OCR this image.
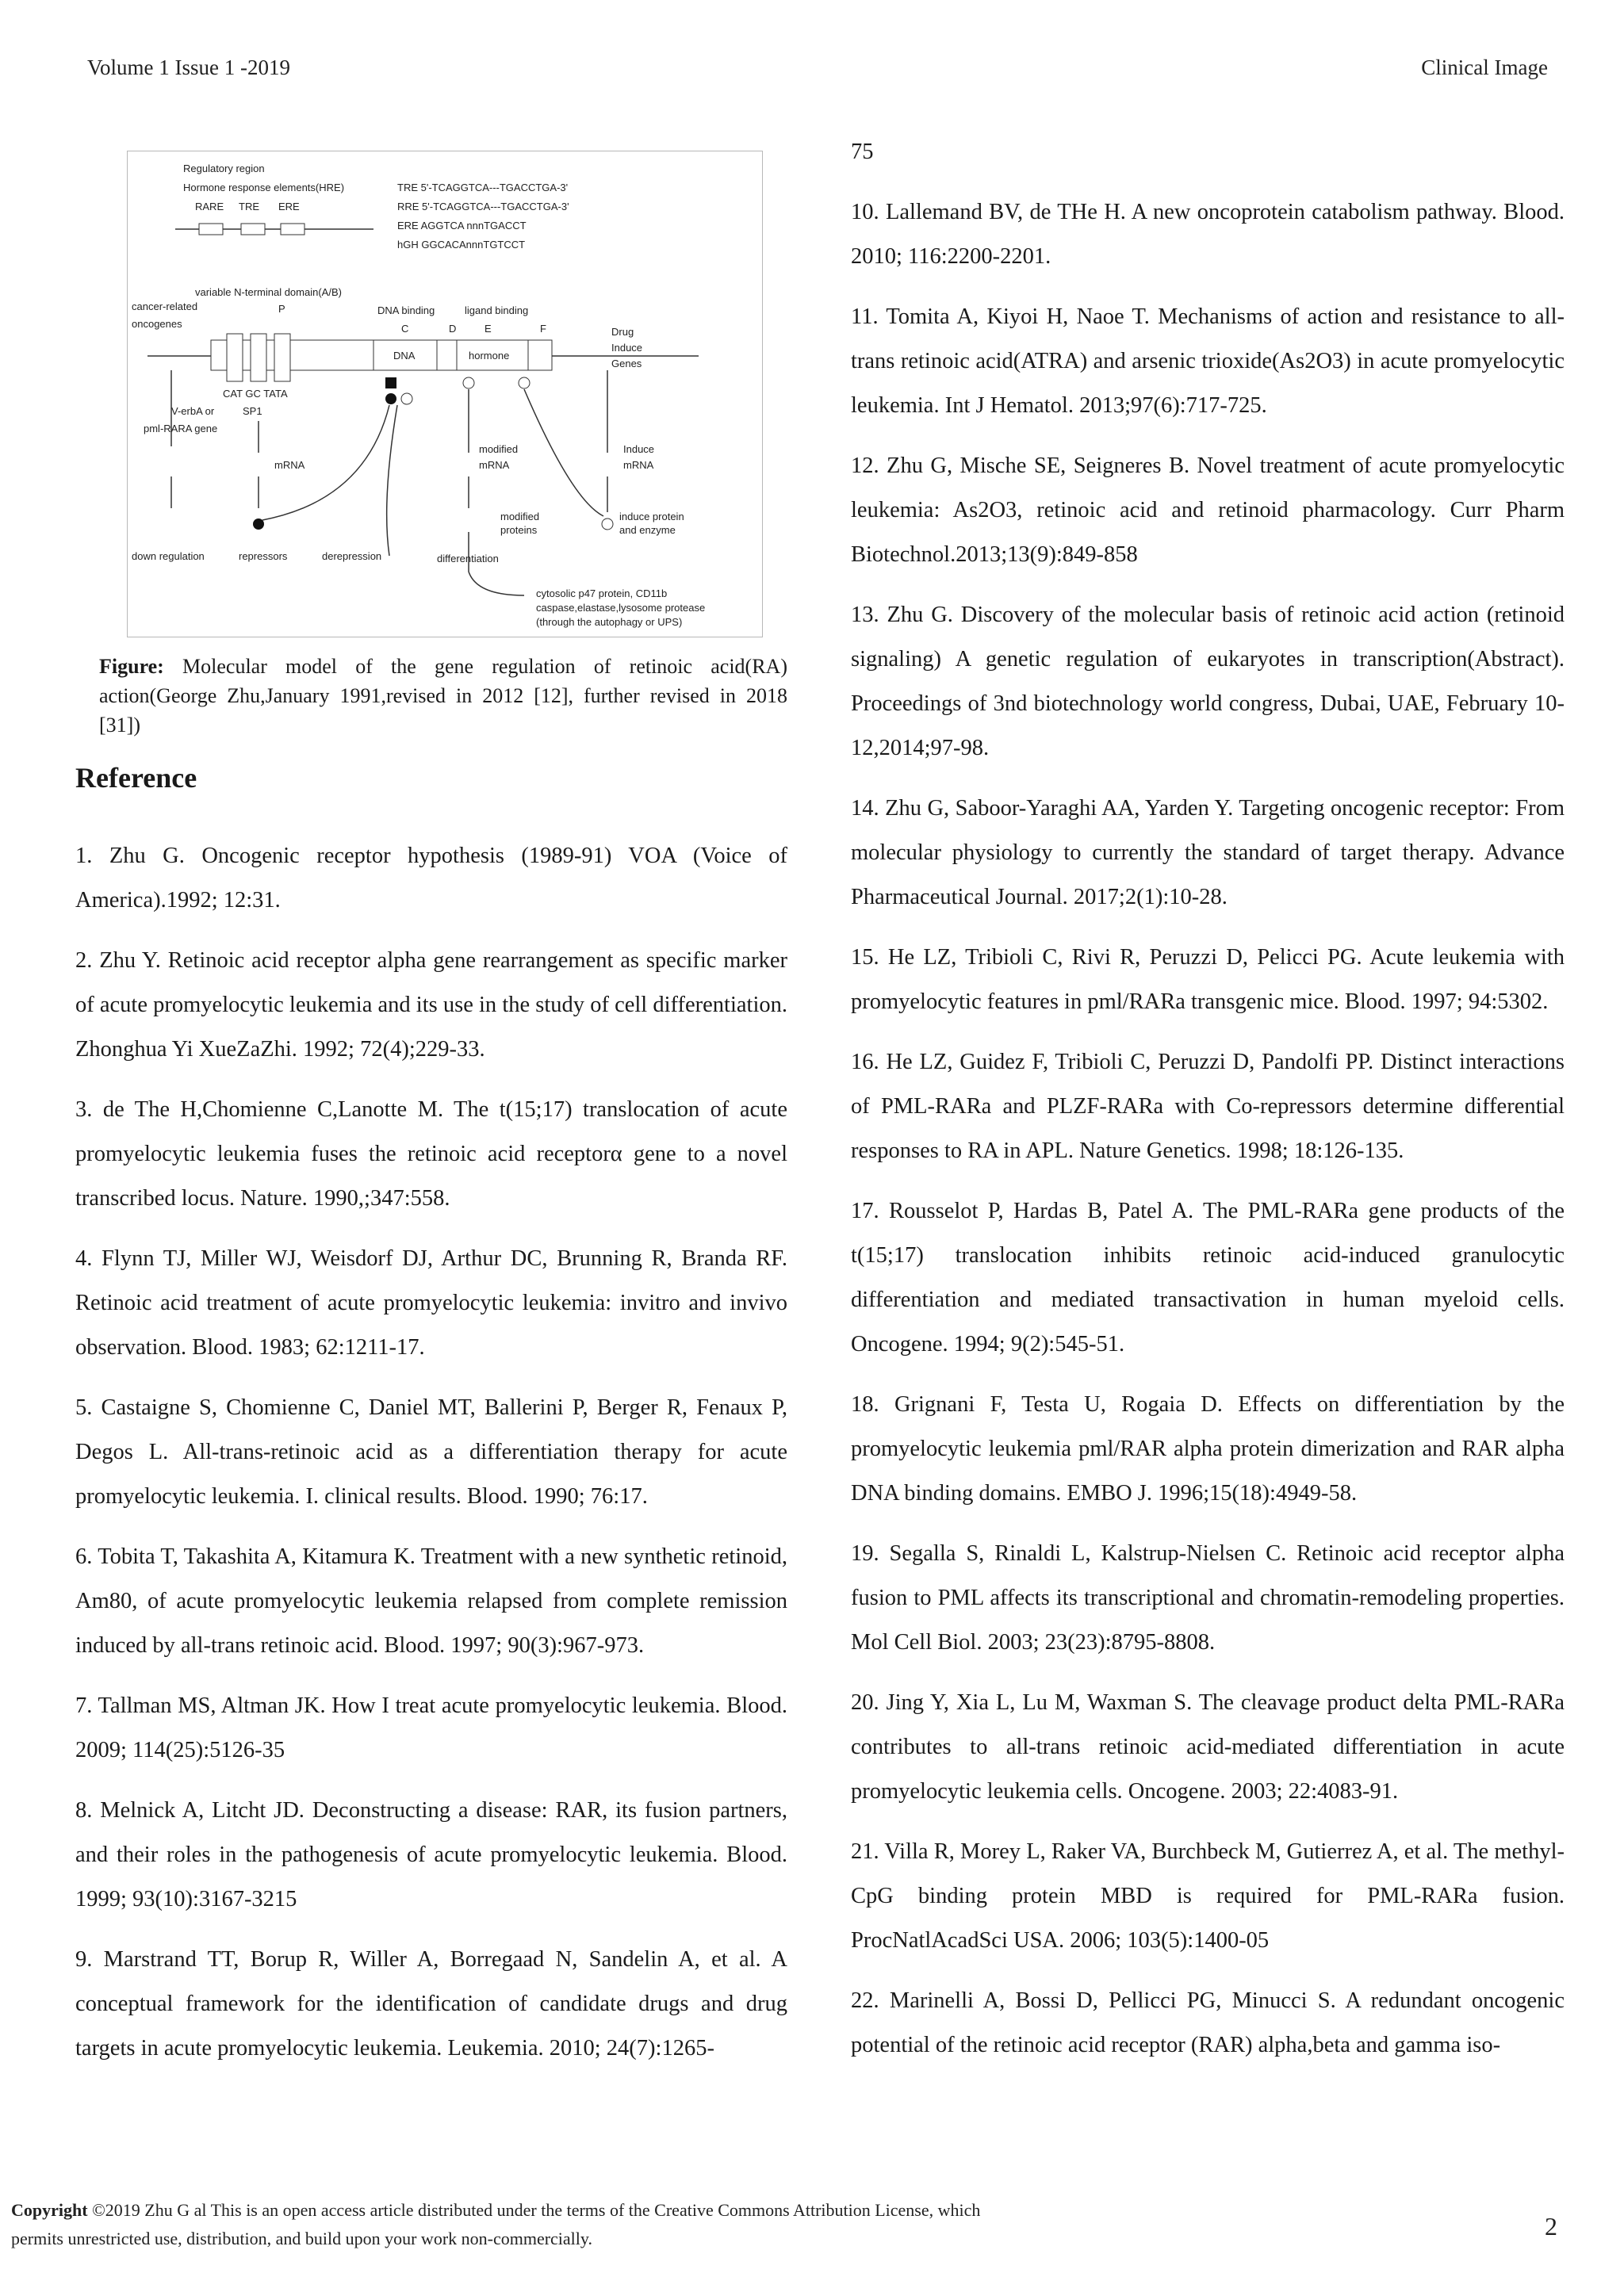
Volume 1 Issue 1 -2019	Clinical Image
Regulatory region
Hormone response elements(HRE)
RARE TRE ERE
TRE 5'-TCAGGTCA---TGACCTGA-3'
RRE 5'-TCAGGTCA---TGACCTGA-3'
ERE AGGTCA nnnTGACCT
hGH GGCACAnnnTGTCCT
variable N-terminal domain(A/B)
P
cancer-related
oncogenes
DNA binding	ligand binding
C	D	E	F
DNA	hormone
Drug
Induce
Genes
CAT GC TATA
V-erbA or	SP1
pml-RARA gene
mRNA
modified
mRNA
Induce
mRNA
modified
proteins
induce protein
and enzyme
down regulation	repressors	derepression	differentiation
cytosolic p47 protein, CD11b
caspase,elastase,lysosome protease
(through the autophagy or UPS)
Figure: Molecular model of the gene regulation of retinoic acid(RA) action(George Zhu,January 1991,revised in 2012 [12], further revised in 2018 [31])
Reference

1. Zhu G. Oncogenic receptor hypothesis (1989-91) VOA (Voice of America).1992; 12:31.

2. Zhu Y. Retinoic acid receptor alpha gene rearrangement as specific marker of acute promyelocytic leukemia and its use in the study of cell differentiation. Zhonghua Yi XueZaZhi. 1992; 72(4);229-33.

3. de The H,Chomienne C,Lanotte M. The t(15;17) translocation of acute promyelocytic leukemia fuses the retinoic acid receptorα gene to a novel transcribed locus. Nature. 1990,;347:558.

4. Flynn TJ, Miller WJ, Weisdorf DJ, Arthur DC, Brunning R, Branda RF. Retinoic acid treatment of acute promyelocytic leukemia: invitro and invivo observation. Blood. 1983; 62:1211-17.

5. Castaigne S, Chomienne C, Daniel MT, Ballerini P, Berger R, Fenaux P, Degos L. All-trans-retinoic acid as a differentiation therapy for acute promyelocytic leukemia. I. clinical results. Blood. 1990; 76:17.

6. Tobita T, Takashita A, Kitamura K. Treatment with a new synthetic retinoid, Am80, of acute promyelocytic leukemia relapsed from complete remission induced by all-trans retinoic acid. Blood. 1997; 90(3):967-973.

7. Tallman MS, Altman JK. How I treat acute promyelocytic leukemia. Blood. 2009; 114(25):5126-35

8. Melnick A, Litcht JD. Deconstructing a disease: RAR, its fusion partners, and their roles in the pathogenesis of acute promyelocytic leukemia. Blood. 1999; 93(10):3167-3215

9. Marstrand TT, Borup R, Willer A, Borregaad N, Sandelin A, et al. A conceptual framework for the identification of candidate drugs and drug targets in acute promyelocytic leukemia. Leukemia. 2010; 24(7):1265-

75

10. Lallemand BV, de THe H. A new oncoprotein catabolism pathway. Blood. 2010; 116:2200-2201.

11. Tomita A, Kiyoi H, Naoe T. Mechanisms of action and resistance to all-trans retinoic acid(ATRA) and arsenic trioxide(As2O3) in acute promyelocytic leukemia. Int J Hematol. 2013;97(6):717-725.

12. Zhu G, Mische SE, Seigneres B. Novel treatment of acute promyelocytic leukemia: As2O3, retinoic acid and retinoid pharmacology. Curr Pharm Biotechnol.2013;13(9):849-858

13. Zhu G. Discovery of the molecular basis of retinoic acid action (retinoid signaling) A genetic regulation of eukaryotes in transcription(Abstract). Proceedings of 3nd biotechnology world congress, Dubai, UAE, February 10-12,2014;97-98.

14. Zhu G, Saboor-Yaraghi AA, Yarden Y. Targeting oncogenic receptor: From molecular physiology to currently the standard of target therapy. Advance Pharmaceutical Journal. 2017;2(1):10-28.

15. He LZ, Tribioli C, Rivi R, Peruzzi D, Pelicci PG. Acute leukemia with promyelocytic features in pml/RARa transgenic mice. Blood. 1997; 94:5302.

16. He LZ, Guidez F, Tribioli C, Peruzzi D, Pandolfi PP. Distinct interactions of PML-RARa and PLZF-RARa with Co-repressors determine differential responses to RA in APL. Nature Genetics. 1998; 18:126-135.

17. Rousselot P, Hardas B, Patel A. The PML-RARa gene products of the t(15;17) translocation inhibits retinoic acid-induced granulocytic differentiation and mediated transactivation in human myeloid cells. Oncogene. 1994; 9(2):545-51.

18. Grignani F, Testa U, Rogaia D. Effects on differentiation by the promyelocytic leukemia pml/RAR alpha protein dimerization and RAR alpha DNA binding domains. EMBO J. 1996;15(18):4949-58.

19. Segalla S, Rinaldi L, Kalstrup-Nielsen C. Retinoic acid receptor alpha fusion to PML affects its transcriptional and chromatin-remodeling properties. Mol Cell Biol. 2003; 23(23):8795-8808.

20. Jing Y, Xia L, Lu M, Waxman S. The cleavage product delta PML-RARa contributes to all-trans retinoic acid-mediated differentiation in acute promyelocytic leukemia cells. Oncogene. 2003; 22:4083-91.

21. Villa R, Morey L, Raker VA, Burchbeck M, Gutierrez A, et al. The methyl-CpG binding protein MBD is required for PML-RARa fusion. ProcNatlAcadSci USA. 2006; 103(5):1400-05

22. Marinelli A, Bossi D, Pellicci PG, Minucci S. A redundant oncogenic potential of the retinoic acid receptor (RAR) alpha,beta and gamma iso-

Copyright ©2019 Zhu G al This is an open access article distributed under the terms of the Creative Commons Attribution License, which
permits unrestricted use, distribution, and build upon your work non-commercially.	2
